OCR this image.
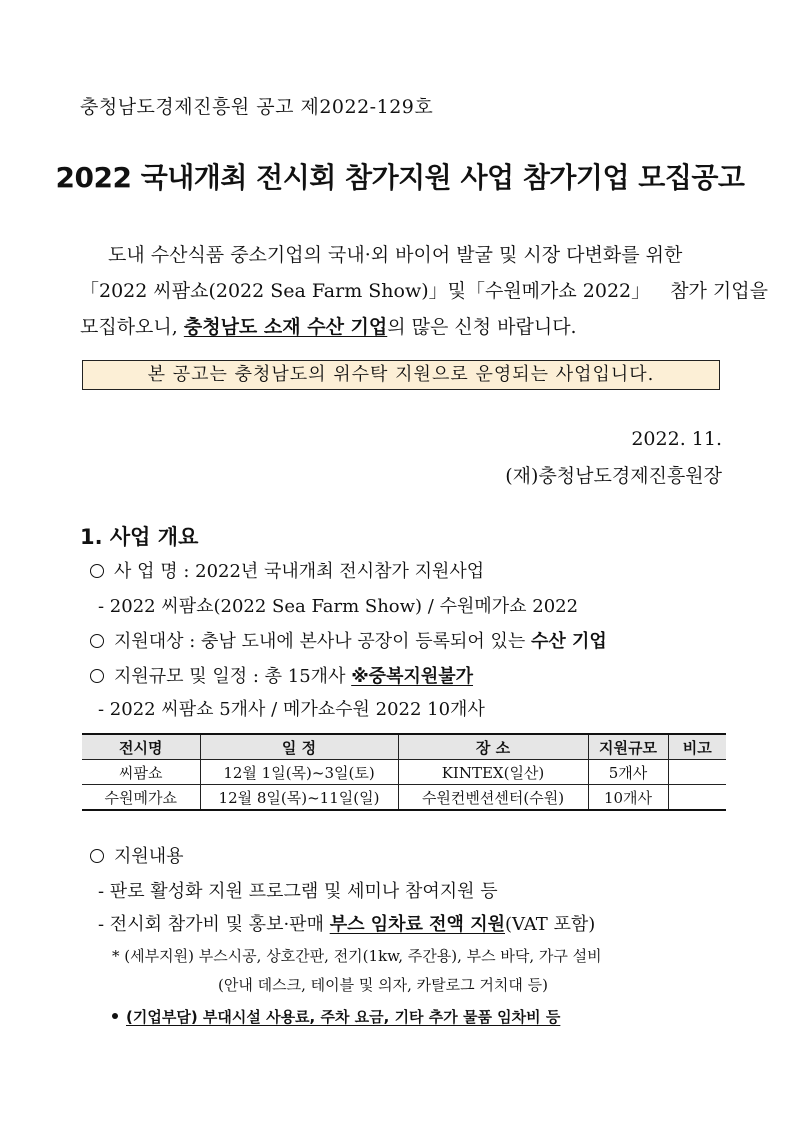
충청남도경제진흥원 공고 제2022-129호
2022 국내개최 전시회 참가지원 사업 참가기업 모집공고
도내 수산식품 중소기업의 국내·외 바이어 발굴 및 시장 다변화를 위한
「2022 씨팜쇼(2022 Sea Farm Show)」및「수원메가쇼 2022」 참가 기업을
모집하오니, 충청남도 소재 수산 기업의 많은 신청 바랍니다.
본 공고는 충청남도의 위수탁 지원으로 운영되는 사업입니다.
2022. 11.
(재)충청남도경제진흥원장
1. 사업 개요
사 업 명 : 2022년 국내개최 전시참가 지원사업
- 2022 씨팜쇼(2022 Sea Farm Show) / 수원메가쇼 2022
지원대상 : 충남 도내에 본사나 공장이 등록되어 있는 수산 기업
지원규모 및 일정 : 총 15개사 ※중복지원불가
- 2022 씨팜쇼 5개사 / 메가쇼수원 2022 10개사
전시명	일 정	장 소	지원규모	비고
씨팜쇼	12월 1일(목)~3일(토)	KINTEX(일산)	5개사	
수원메가쇼	12월 8일(목)~11일(일)	수원컨벤션센터(수원)	10개사	
지원내용
- 판로 활성화 지원 프로그램 및 세미나 참여지원 등
- 전시회 참가비 및 홍보·판매 부스 임차료 전액 지원(VAT 포함)
* (세부지원) 부스시공, 상호간판, 전기(1kw, 주간용), 부스 바닥, 가구 설비
(안내 데스크, 테이블 및 의자, 카탈로그 거치대 등)
(기업부담) 부대시설 사용료, 주차 요금, 기타 추가 물품 임차비 등
